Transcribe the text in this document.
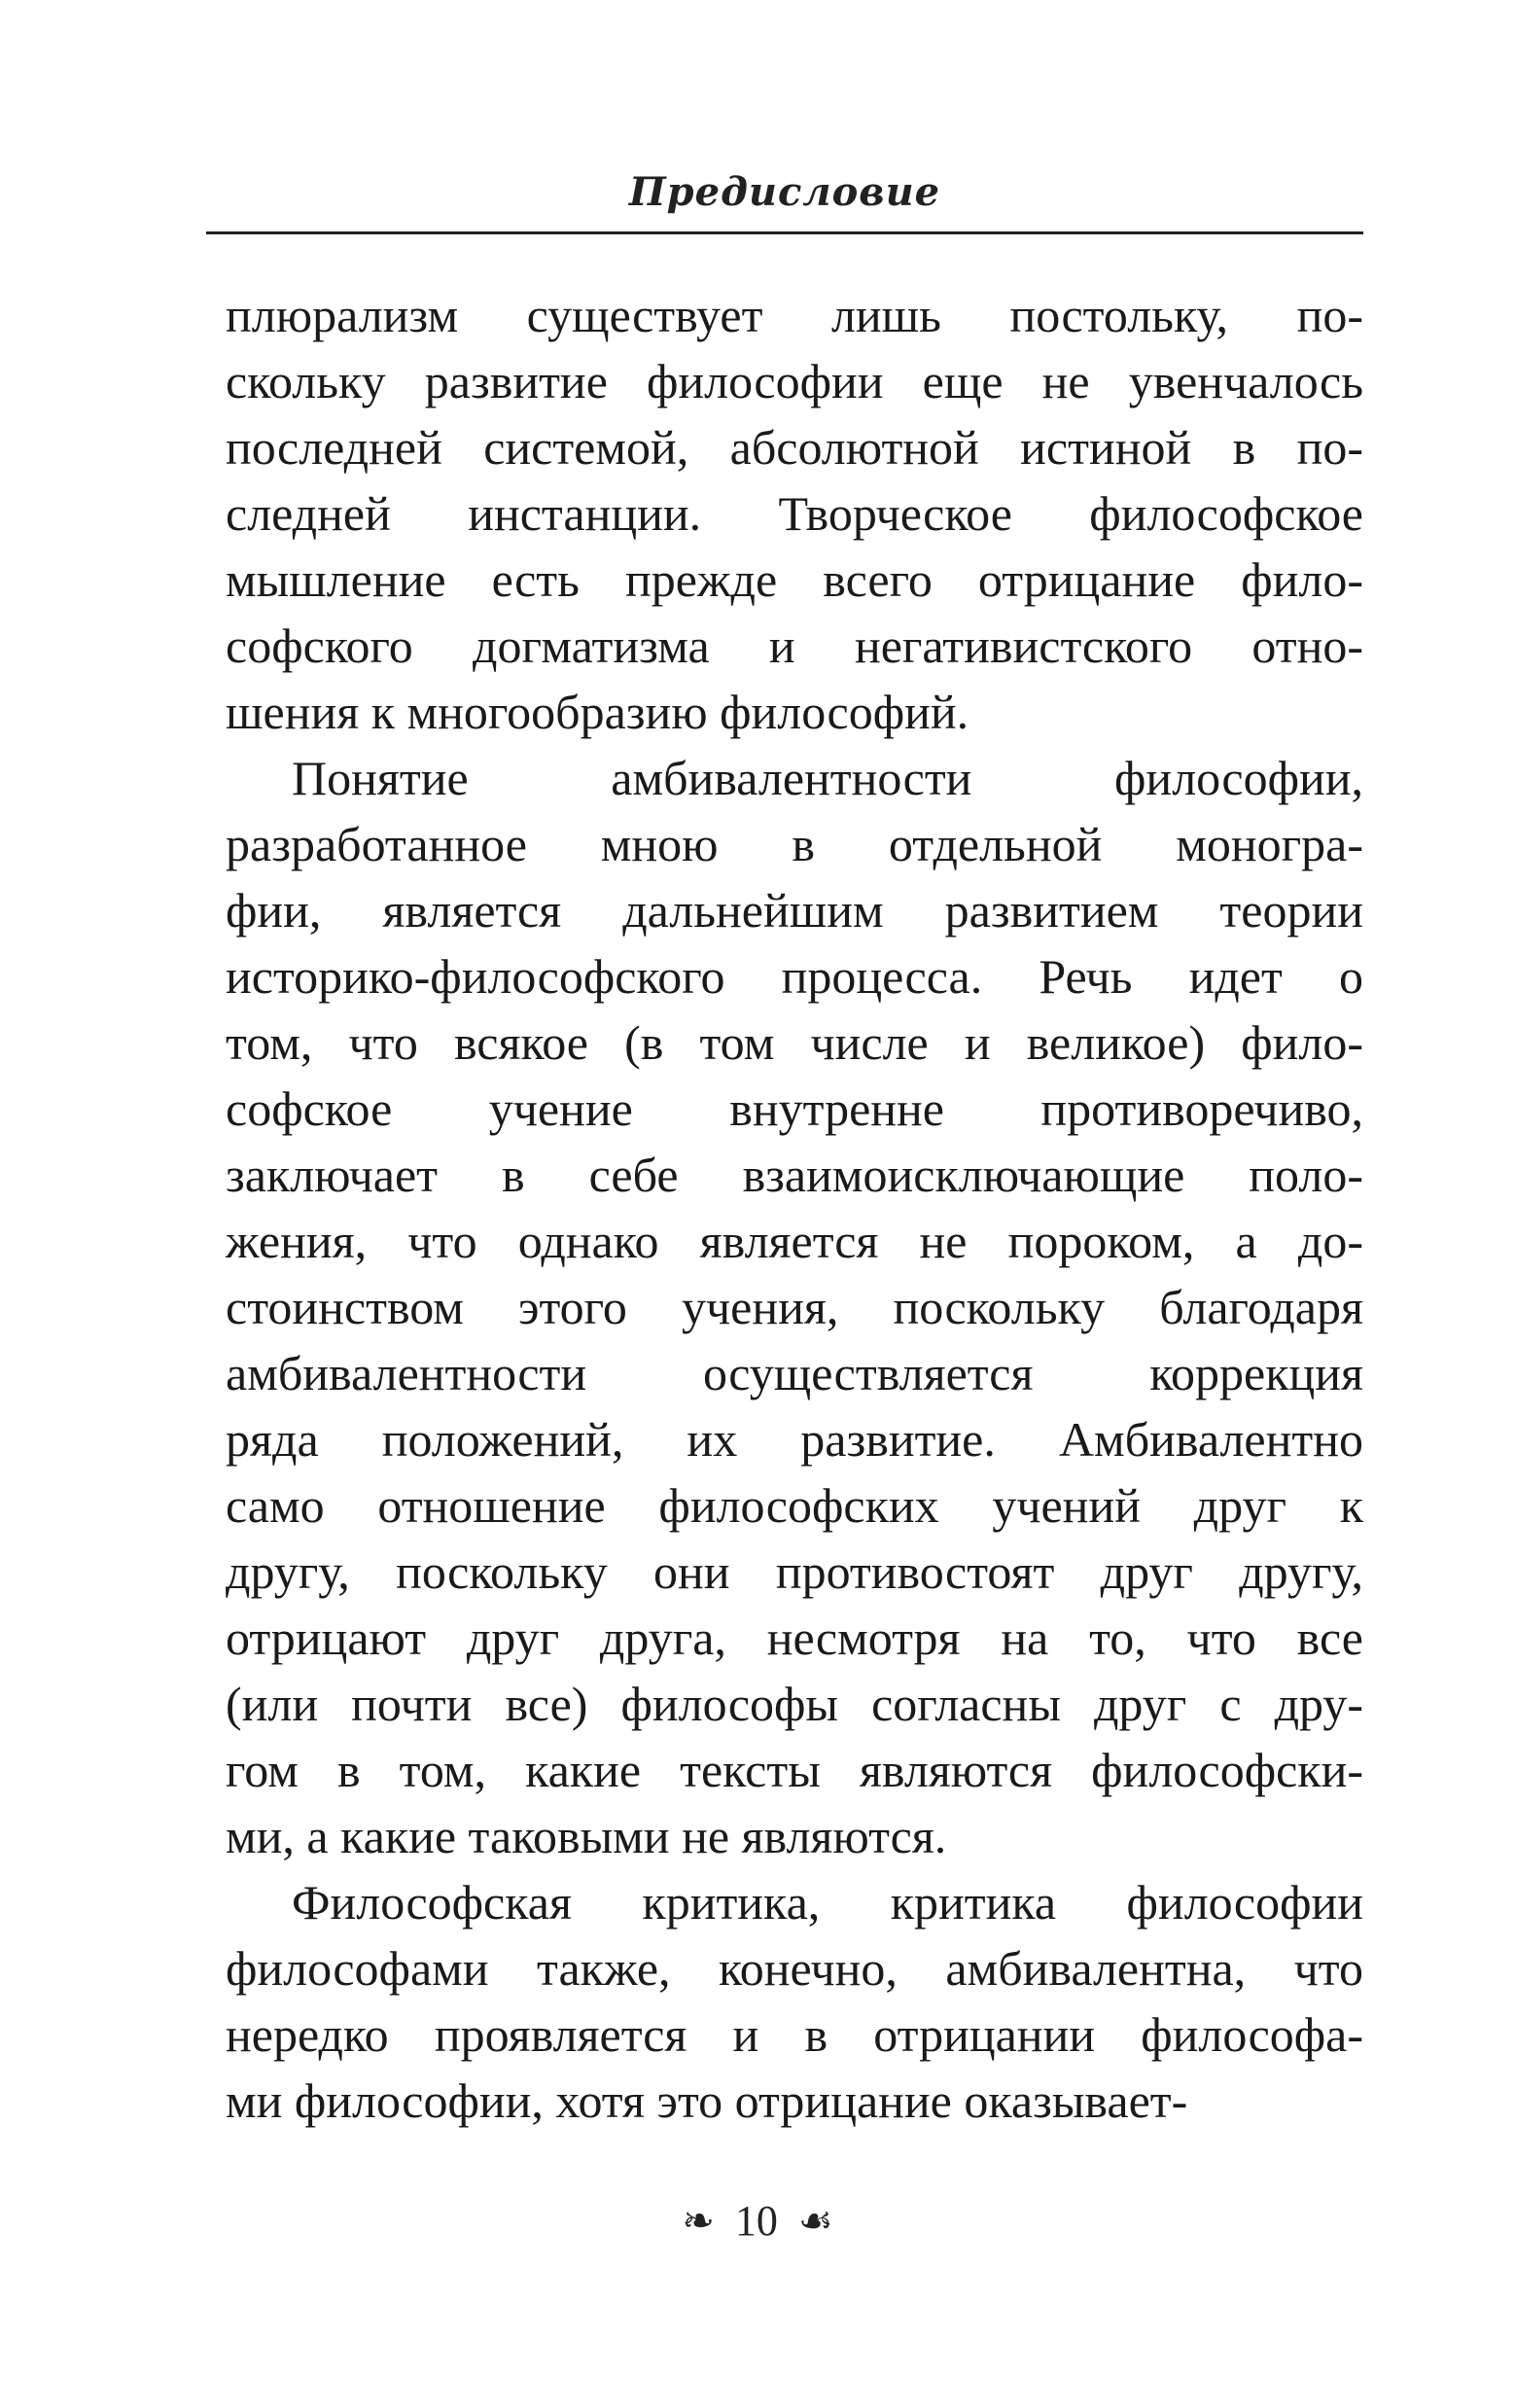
Предисловие

плюрализм существует лишь постольку, по-
скольку развитие философии еще не увенчалось
последней системой, абсолютной истиной в по-
следней инстанции. Творческое философское
мышление есть прежде всего отрицание фило-
софского догматизма и негативистского отно-
шения к многообразию философий.

Понятие амбивалентности философии,
разработанное мною в отдельной моногра-
фии, является дальнейшим развитием теории
историко-философского процесса. Речь идет о
том, что всякое (в том числе и великое) фило-
софское учение внутренне противоречиво,
заключает в себе взаимоисключающие поло-
жения, что однако является не пороком, а до-
стоинством этого учения, поскольку благодаря
амбивалентности осуществляется коррекция
ряда положений, их развитие. Амбивалентно
само отношение философских учений друг к
другу, поскольку они противостоят друг другу,
отрицают друг друга, несмотря на то, что все
(или почти все) философы согласны друг с дру-
гом в том, какие тексты являются философски-
ми, а какие таковыми не являются.

Философская критика, критика философии
философами также, конечно, амбивалентна, что
нередко проявляется и в отрицании философа-
ми философии, хотя это отрицание оказывает-

❧ 10 ☙
